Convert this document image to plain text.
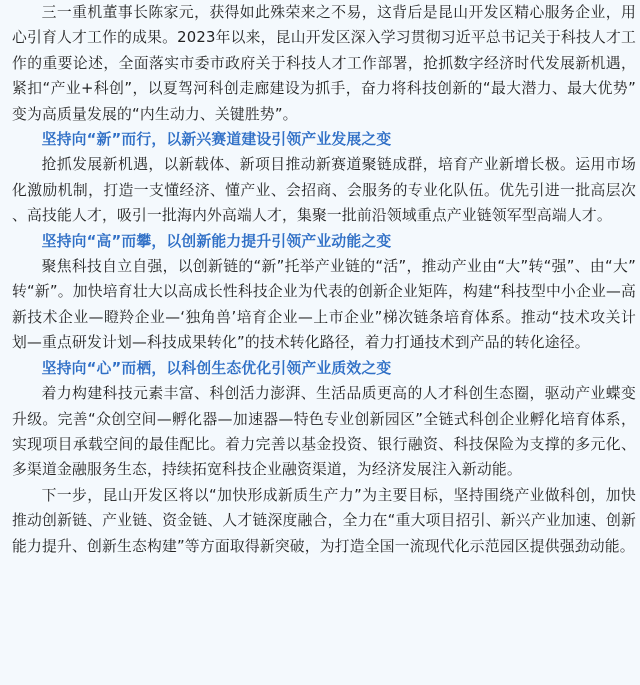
三一重机董事长陈家元，获得如此殊荣来之不易，这背后是昆山开发区精心服务企业，用心引育人才工作的成果。2023年以来，昆山开发区深入学习贯彻习近平总书记关于科技人才工作的重要论述，全面落实市委市政府关于科技人才工作部署，抢抓数字经济时代发展新机遇，紧扣“产业+科创”，以夏驾河科创走廊建设为抓手，奋力将科技创新的“最大潜力、最大优势”变为高质量发展的“内生动力、关键胜势”。

坚持向“新”而行，以新兴赛道建设引领产业发展之变

抢抓发展新机遇，以新载体、新项目推动新赛道聚链成群，培育产业新增长极。运用市场化激励机制，打造一支懂经济、懂产业、会招商、会服务的专业化队伍。优先引进一批高层次、高技能人才，吸引一批海内外高端人才，集聚一批前沿领域重点产业链领军型高端人才。

坚持向“高”而攀，以创新能力提升引领产业动能之变

聚焦科技自立自强，以创新链的“新”托举产业链的“活”，推动产业由“大”转“强”、由“大”转“新”。加快培育壮大以高成长性科技企业为代表的创新企业矩阵，构建“科技型中小企业—高新技术企业—瞪羚企业—‘独角兽’培育企业—上市企业”梯次链条培育体系。推动“技术攻关计划—重点研发计划—科技成果转化”的技术转化路径，着力打通技术到产品的转化途径。

坚持向“心”而栖，以科创生态优化引领产业质效之变

着力构建科技元素丰富、科创活力澎湃、生活品质更高的人才科创生态圈，驱动产业蝶变升级。完善“众创空间—孵化器—加速器—特色专业创新园区”全链式科创企业孵化培育体系，实现项目承载空间的最佳配比。着力完善以基金投资、银行融资、科技保险为支撑的多元化、多渠道金融服务生态，持续拓宽科技企业融资渠道，为经济发展注入新动能。

下一步，昆山开发区将以“加快形成新质生产力”为主要目标，坚持围绕产业做科创，加快推动创新链、产业链、资金链、人才链深度融合，全力在“重大项目招引、新兴产业加速、创新能力提升、创新生态构建”等方面取得新突破，为打造全国一流现代化示范园区提供强劲动能。
